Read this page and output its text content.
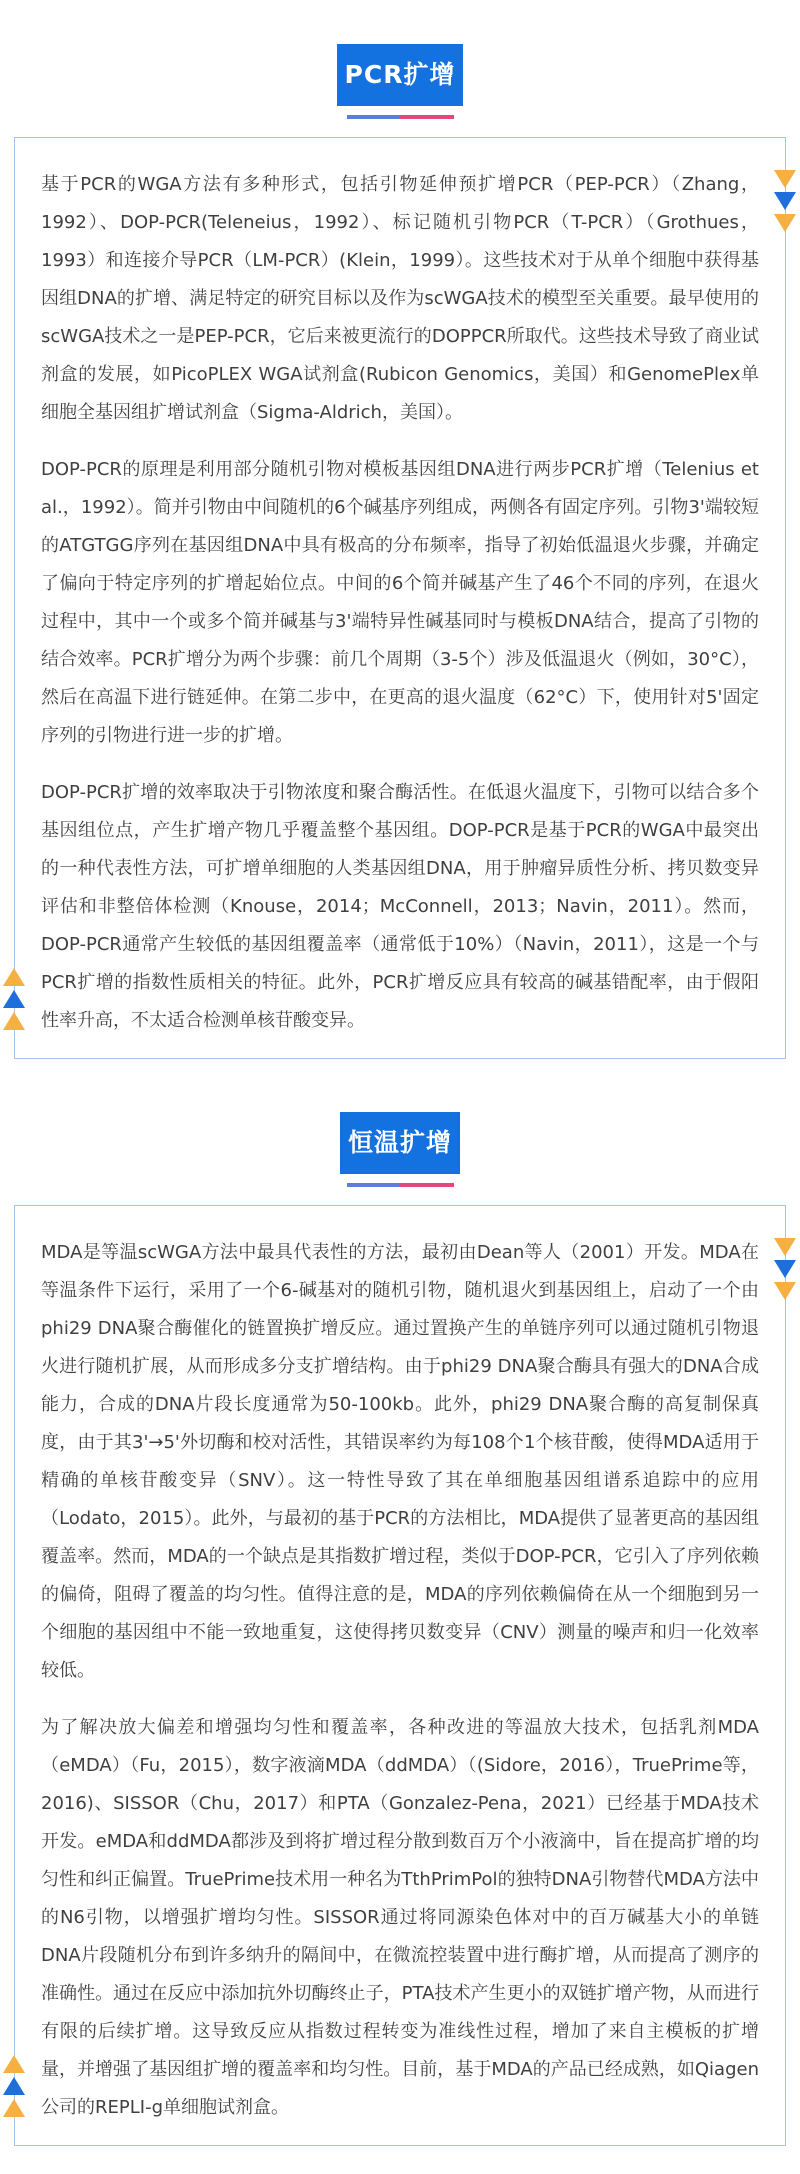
PCR扩增

基于PCR的WGA方法有多种形式，包括引物延伸预扩增PCR（PEP-PCR）（Zhang，1992）、DOP-PCR(Teleneius，1992）、标记随机引物PCR（T-PCR）（Grothues，1993）和连接介导PCR（LM-PCR）(Klein，1999）。这些技术对于从单个细胞中获得基因组DNA的扩增、满足特定的研究目标以及作为scWGA技术的模型至关重要。最早使用的scWGA技术之一是PEP-PCR，它后来被更流行的DOPPCR所取代。这些技术导致了商业试剂盒的发展，如PicoPLEX WGA试剂盒(Rubicon Genomics，美国）和GenomePlex单细胞全基因组扩增试剂盒（Sigma-Aldrich，美国）。

DOP-PCR的原理是利用部分随机引物对模板基因组DNA进行两步PCR扩增（Telenius et al.，1992）。简并引物由中间随机的6个碱基序列组成，两侧各有固定序列。引物3'端较短的ATGTGG序列在基因组DNA中具有极高的分布频率，指导了初始低温退火步骤，并确定了偏向于特定序列的扩增起始位点。中间的6个简并碱基产生了46个不同的序列，在退火过程中，其中一个或多个简并碱基与3'端特异性碱基同时与模板DNA结合，提高了引物的结合效率。PCR扩增分为两个步骤：前几个周期（3-5个）涉及低温退火（例如，30°C），然后在高温下进行链延伸。在第二步中，在更高的退火温度（62°C）下，使用针对5'固定序列的引物进行进一步的扩增。

DOP-PCR扩增的效率取决于引物浓度和聚合酶活性。在低退火温度下，引物可以结合多个基因组位点，产生扩增产物几乎覆盖整个基因组。DOP-PCR是基于PCR的WGA中最突出的一种代表性方法，可扩增单细胞的人类基因组DNA，用于肿瘤异质性分析、拷贝数变异评估和非整倍体检测（Knouse，2014；McConnell，2013；Navin，2011）。然而，DOP-PCR通常产生较低的基因组覆盖率（通常低于10%）（Navin，2011），这是一个与PCR扩增的指数性质相关的特征。此外，PCR扩增反应具有较高的碱基错配率，由于假阳性率升高，不太适合检测单核苷酸变异。

恒温扩增

MDA是等温scWGA方法中最具代表性的方法，最初由Dean等人（2001）开发。MDA在等温条件下运行，采用了一个6-碱基对的随机引物，随机退火到基因组上，启动了一个由phi29 DNA聚合酶催化的链置换扩增反应。通过置换产生的单链序列可以通过随机引物退火进行随机扩展，从而形成多分支扩增结构。由于phi29 DNA聚合酶具有强大的DNA合成能力，合成的DNA片段长度通常为50-100kb。此外，phi29 DNA聚合酶的高复制保真度，由于其3'→5'外切酶和校对活性，其错误率约为每108个1个核苷酸，使得MDA适用于精确的单核苷酸变异（SNV）。这一特性导致了其在单细胞基因组谱系追踪中的应用（Lodato，2015）。此外，与最初的基于PCR的方法相比，MDA提供了显著更高的基因组覆盖率。然而，MDA的一个缺点是其指数扩增过程，类似于DOP-PCR，它引入了序列依赖的偏倚，阻碍了覆盖的均匀性。值得注意的是，MDA的序列依赖偏倚在从一个细胞到另一个细胞的基因组中不能一致地重复，这使得拷贝数变异（CNV）测量的噪声和归一化效率较低。

为了解决放大偏差和增强均匀性和覆盖率，各种改进的等温放大技术，包括乳剂MDA（eMDA）（Fu，2015），数字液滴MDA（ddMDA）（(Sidore，2016），TruePrime等，2016)、SISSOR（Chu，2017）和PTA（Gonzalez-Pena，2021）已经基于MDA技术开发。eMDA和ddMDA都涉及到将扩增过程分散到数百万个小液滴中，旨在提高扩增的均匀性和纠正偏置。TruePrime技术用一种名为TthPrimPol的独特DNA引物替代MDA方法中的N6引物，以增强扩增均匀性。SISSOR通过将同源染色体对中的百万碱基大小的单链DNA片段随机分布到许多纳升的隔间中，在微流控装置中进行酶扩增，从而提高了测序的准确性。通过在反应中添加抗外切酶终止子，PTA技术产生更小的双链扩增产物，从而进行有限的后续扩增。这导致反应从指数过程转变为准线性过程，增加了来自主模板的扩增量，并增强了基因组扩增的覆盖率和均匀性。目前，基于MDA的产品已经成熟，如Qiagen公司的REPLI-g单细胞试剂盒。
